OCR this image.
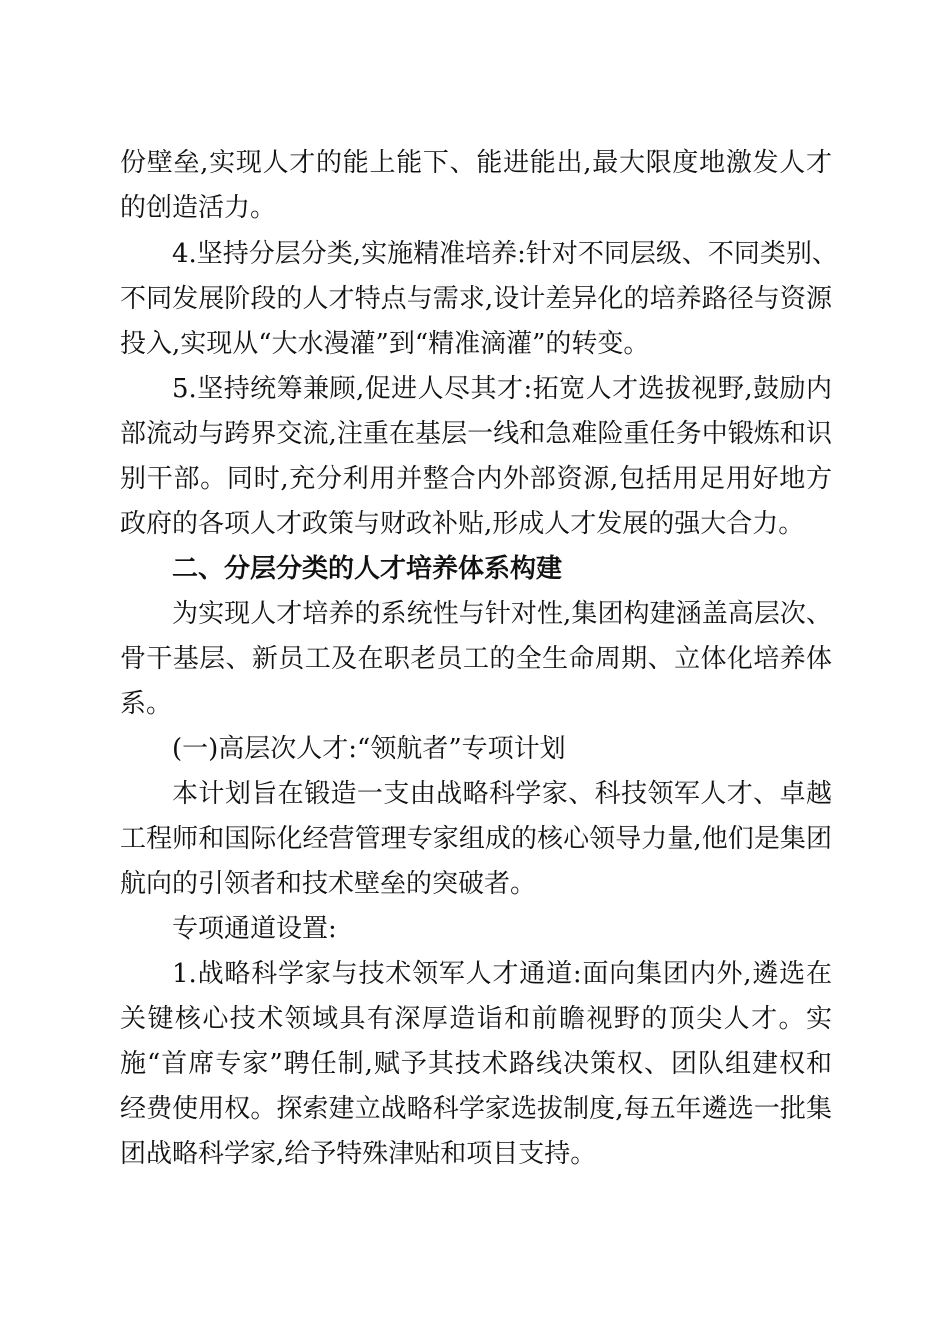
份壁垒,实现人才的能上能下、能进能出,最大限度地激发人才
的创造活力。
4.坚持分层分类,实施精准培养:针对不同层级、不同类别、
不同发展阶段的人才特点与需求,设计差异化的培养路径与资源
投入,实现从“大水漫灌”到“精准滴灌”的转变。
5.坚持统筹兼顾,促进人尽其才:拓宽人才选拔视野,鼓励内
部流动与跨界交流,注重在基层一线和急难险重任务中锻炼和识
别干部。同时,充分利用并整合内外部资源,包括用足用好地方
政府的各项人才政策与财政补贴,形成人才发展的强大合力。
二、分层分类的人才培养体系构建
为实现人才培养的系统性与针对性,集团构建涵盖高层次、
骨干基层、新员工及在职老员工的全生命周期、立体化培养体
系。
(一)高层次人才:“领航者”专项计划
本计划旨在锻造一支由战略科学家、科技领军人才、卓越
工程师和国际化经营管理专家组成的核心领导力量,他们是集团
航向的引领者和技术壁垒的突破者。
专项通道设置:
1.战略科学家与技术领军人才通道:面向集团内外,遴选在
关键核心技术领域具有深厚造诣和前瞻视野的顶尖人才。实
施“首席专家”聘任制,赋予其技术路线决策权、团队组建权和
经费使用权。探索建立战略科学家选拔制度,每五年遴选一批集
团战略科学家,给予特殊津贴和项目支持。
